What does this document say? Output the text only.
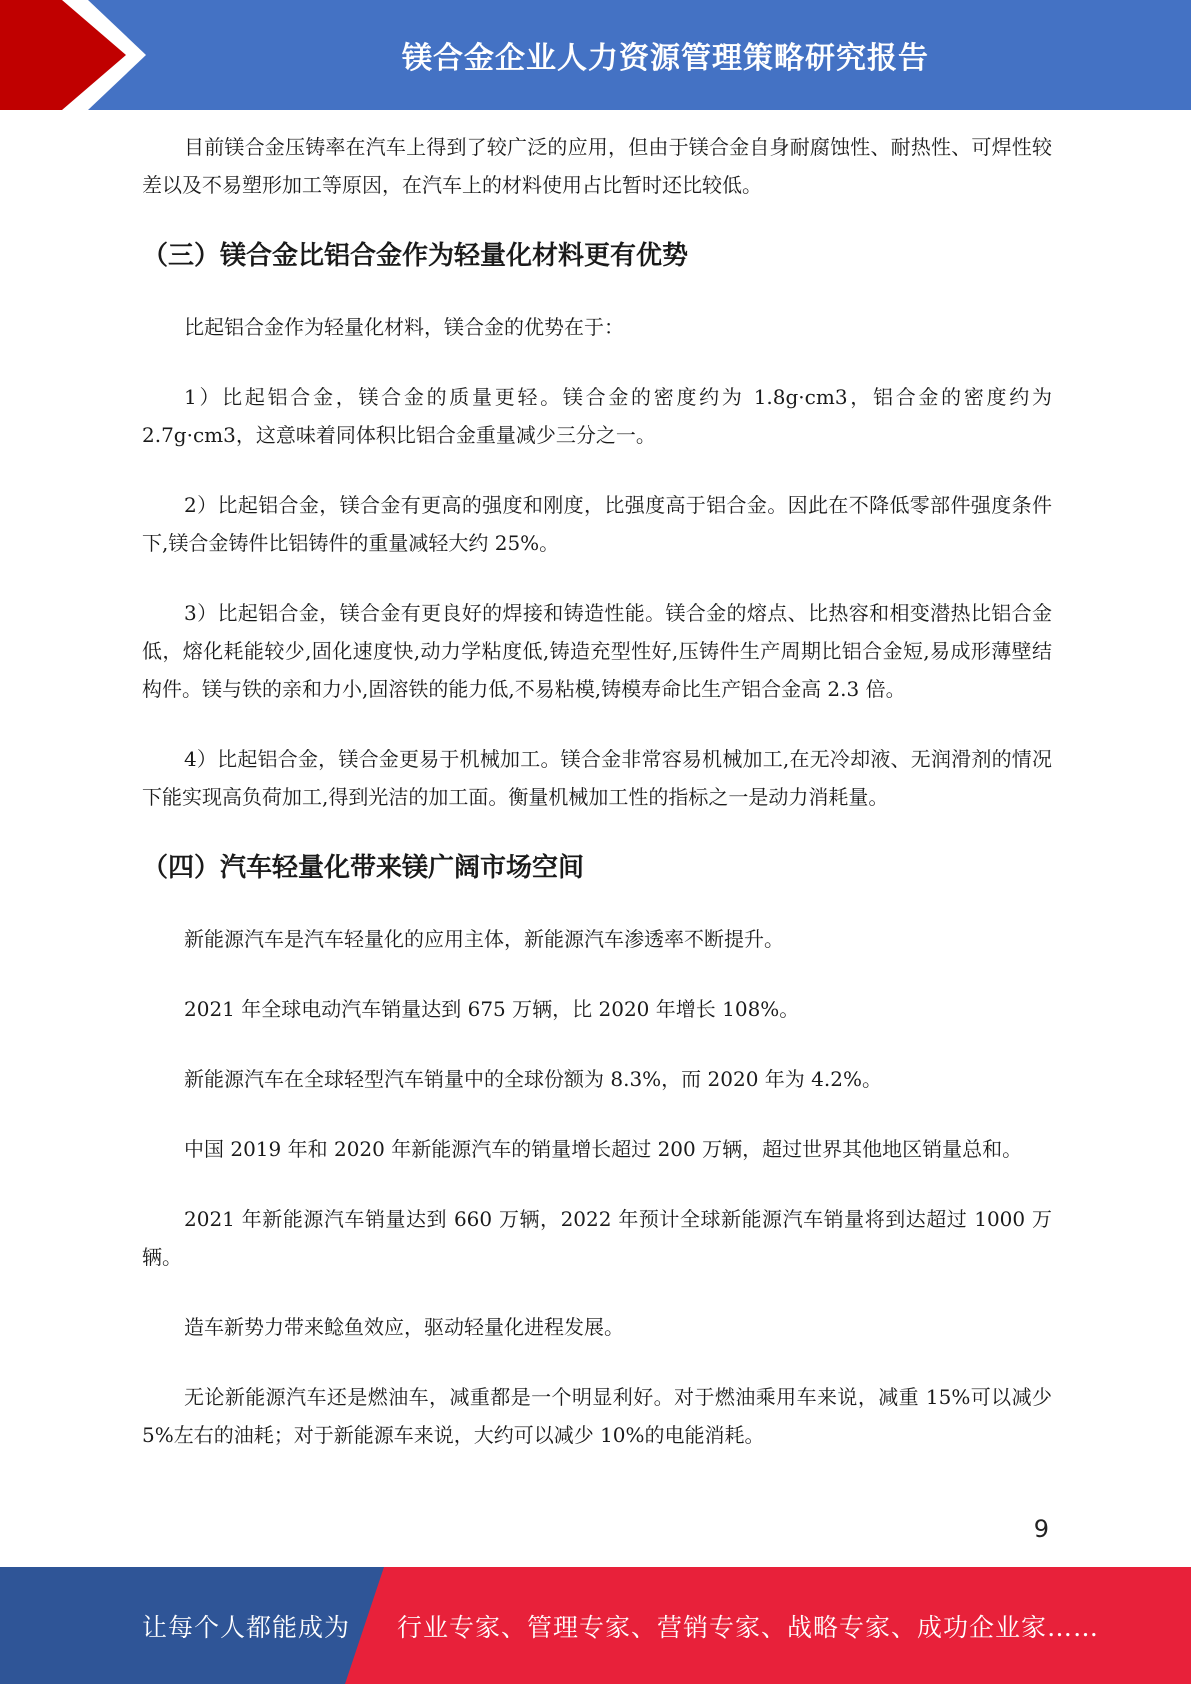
镁合金企业人力资源管理策略研究报告

目前镁合金压铸率在汽车上得到了较广泛的应用，但由于镁合金自身耐腐蚀性、耐热性、可焊性较差以及不易塑形加工等原因，在汽车上的材料使用占比暂时还比较低。

（三）镁合金比铝合金作为轻量化材料更有优势

比起铝合金作为轻量化材料，镁合金的优势在于：

1）比起铝合金，镁合金的质量更轻。镁合金的密度约为 1.8g·cm3，铝合金的密度约为 2.7g·cm3，这意味着同体积比铝合金重量减少三分之一。

2）比起铝合金，镁合金有更高的强度和刚度，比强度高于铝合金。因此在不降低零部件强度条件下,镁合金铸件比铝铸件的重量减轻大约 25%。

3）比起铝合金，镁合金有更良好的焊接和铸造性能。镁合金的熔点、比热容和相变潜热比铝合金低，熔化耗能较少,固化速度快,动力学粘度低,铸造充型性好,压铸件生产周期比铝合金短,易成形薄壁结构件。镁与铁的亲和力小,固溶铁的能力低,不易粘模,铸模寿命比生产铝合金高 2.3 倍。

4）比起铝合金，镁合金更易于机械加工。镁合金非常容易机械加工,在无冷却液、无润滑剂的情况下能实现高负荷加工,得到光洁的加工面。衡量机械加工性的指标之一是动力消耗量。

（四）汽车轻量化带来镁广阔市场空间

新能源汽车是汽车轻量化的应用主体，新能源汽车渗透率不断提升。

2021 年全球电动汽车销量达到 675 万辆，比 2020 年增长 108%。

新能源汽车在全球轻型汽车销量中的全球份额为 8.3%，而 2020 年为 4.2%。

中国 2019 年和 2020 年新能源汽车的销量增长超过 200 万辆，超过世界其他地区销量总和。

2021 年新能源汽车销量达到 660 万辆，2022 年预计全球新能源汽车销量将到达超过 1000 万辆。

造车新势力带来鲶鱼效应，驱动轻量化进程发展。

无论新能源汽车还是燃油车，减重都是一个明显利好。对于燃油乘用车来说，减重 15%可以减少 5%左右的油耗；对于新能源车来说，大约可以减少 10%的电能消耗。

9
让每个人都能成为 行业专家、管理专家、营销专家、战略专家、成功企业家……
